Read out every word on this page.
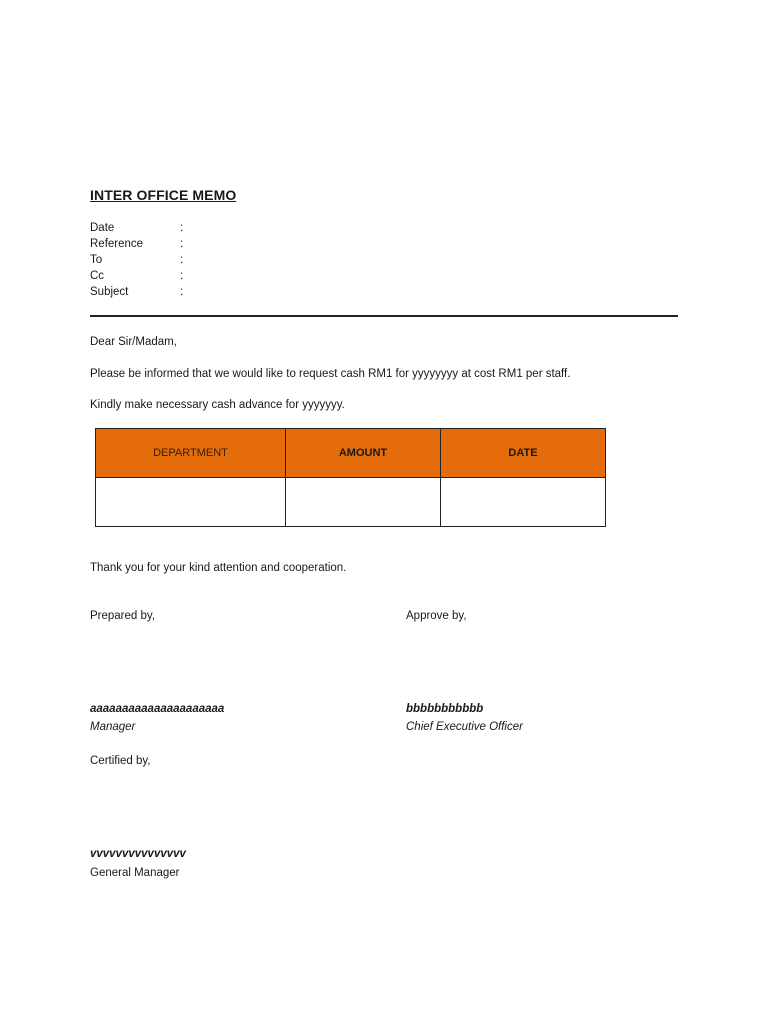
INTER OFFICE MEMO
Date	:
Reference	:
To	:
Cc	:
Subject	:
Dear Sir/Madam,
Please be informed that we would like to request cash RM1 for yyyyyyyy at cost RM1 per staff.
Kindly make necessary cash advance for yyyyyyy.
DEPARTMENT	AMOUNT	DATE

Thank you for your kind attention and cooperation.
Prepared by,	Approve by,
aaaaaaaaaaaaaaaaaaaaa
Manager
bbbbbbbbbbb
Chief Executive Officer
Certified by,
vvvvvvvvvvvvvvv
General Manager
